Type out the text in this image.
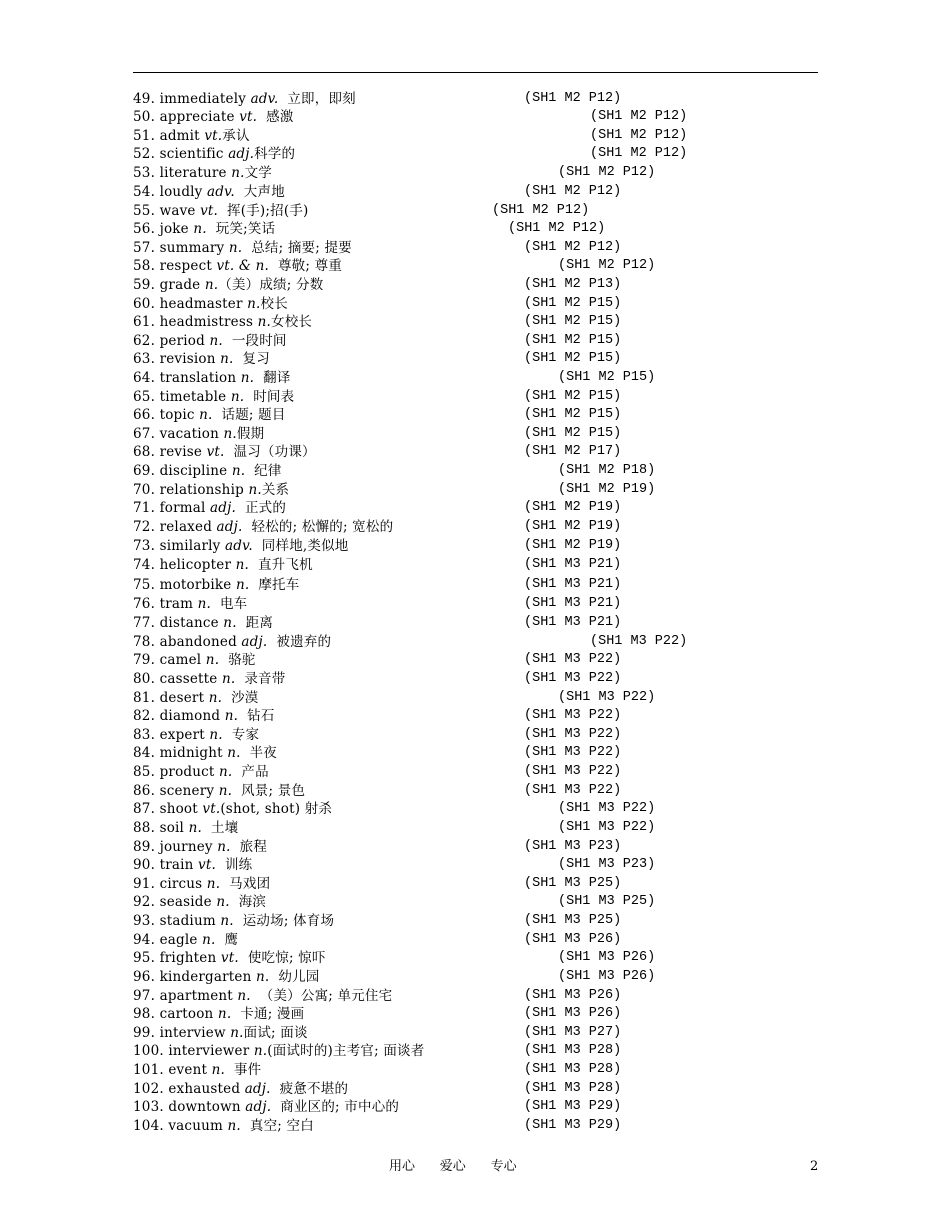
49. immediately adv.  立即，即刻	(SH1 M2 P12)
50. appreciate vt.  感激	(SH1 M2 P12)
51. admit vt.承认	(SH1 M2 P12)
52. scientific adj.科学的	(SH1 M2 P12)
53. literature n.文学	(SH1 M2 P12)
54. loudly adv.  大声地	(SH1 M2 P12)
55. wave vt.  挥(手);招(手)	(SH1 M2 P12)
56. joke n.  玩笑;笑话	(SH1 M2 P12)
57. summary n.  总结; 摘要; 提要	(SH1 M2 P12)
58. respect vt. & n.  尊敬; 尊重	(SH1 M2 P12)
59. grade n.（美）成绩; 分数	(SH1 M2 P13)
60. headmaster n.校长	(SH1 M2 P15)
61. headmistress n.女校长	(SH1 M2 P15)
62. period n.  一段时间	(SH1 M2 P15)
63. revision n.  复习	(SH1 M2 P15)
64. translation n.  翻译	(SH1 M2 P15)
65. timetable n.  时间表	(SH1 M2 P15)
66. topic n.  话题; 题目	(SH1 M2 P15)
67. vacation n.假期	(SH1 M2 P15)
68. revise vt.  温习（功课）	(SH1 M2 P17)
69. discipline n.  纪律	(SH1 M2 P18)
70. relationship n.关系	(SH1 M2 P19)
71. formal adj.  正式的	(SH1 M2 P19)
72. relaxed adj.  轻松的; 松懈的; 宽松的	(SH1 M2 P19)
73. similarly adv.  同样地,类似地	(SH1 M2 P19)
74. helicopter n.  直升飞机	(SH1 M3 P21)
75. motorbike n.  摩托车	(SH1 M3 P21)
76. tram n.  电车	(SH1 M3 P21)
77. distance n.  距离	(SH1 M3 P21)
78. abandoned adj.  被遗弃的	(SH1 M3 P22)
79. camel n.  骆驼	(SH1 M3 P22)
80. cassette n.  录音带	(SH1 M3 P22)
81. desert n.  沙漠	(SH1 M3 P22)
82. diamond n.  钻石	(SH1 M3 P22)
83. expert n.  专家	(SH1 M3 P22)
84. midnight n.  半夜	(SH1 M3 P22)
85. product n.  产品	(SH1 M3 P22)
86. scenery n.  风景; 景色	(SH1 M3 P22)
87. shoot vt.(shot, shot) 射杀	(SH1 M3 P22)
88. soil n.  土壤	(SH1 M3 P22)
89. journey n.  旅程	(SH1 M3 P23)
90. train vt.  训练	(SH1 M3 P23)
91. circus n.  马戏团	(SH1 M3 P25)
92. seaside n.  海滨	(SH1 M3 P25)
93. stadium n.  运动场; 体育场	(SH1 M3 P25)
94. eagle n.  鹰	(SH1 M3 P26)
95. frighten vt.  使吃惊; 惊吓	(SH1 M3 P26)
96. kindergarten n.  幼儿园	(SH1 M3 P26)
97. apartment n.  （美）公寓; 单元住宅	(SH1 M3 P26)
98. cartoon n.  卡通; 漫画	(SH1 M3 P26)
99. interview n.面试; 面谈	(SH1 M3 P27)
100. interviewer n.(面试时的)主考官; 面谈者	(SH1 M3 P28)
101. event n.  事件	(SH1 M3 P28)
102. exhausted adj.  疲惫不堪的	(SH1 M3 P28)
103. downtown adj.  商业区的; 市中心的	(SH1 M3 P29)
104. vacuum n.  真空; 空白	(SH1 M3 P29)
用心      爱心      专心	2
